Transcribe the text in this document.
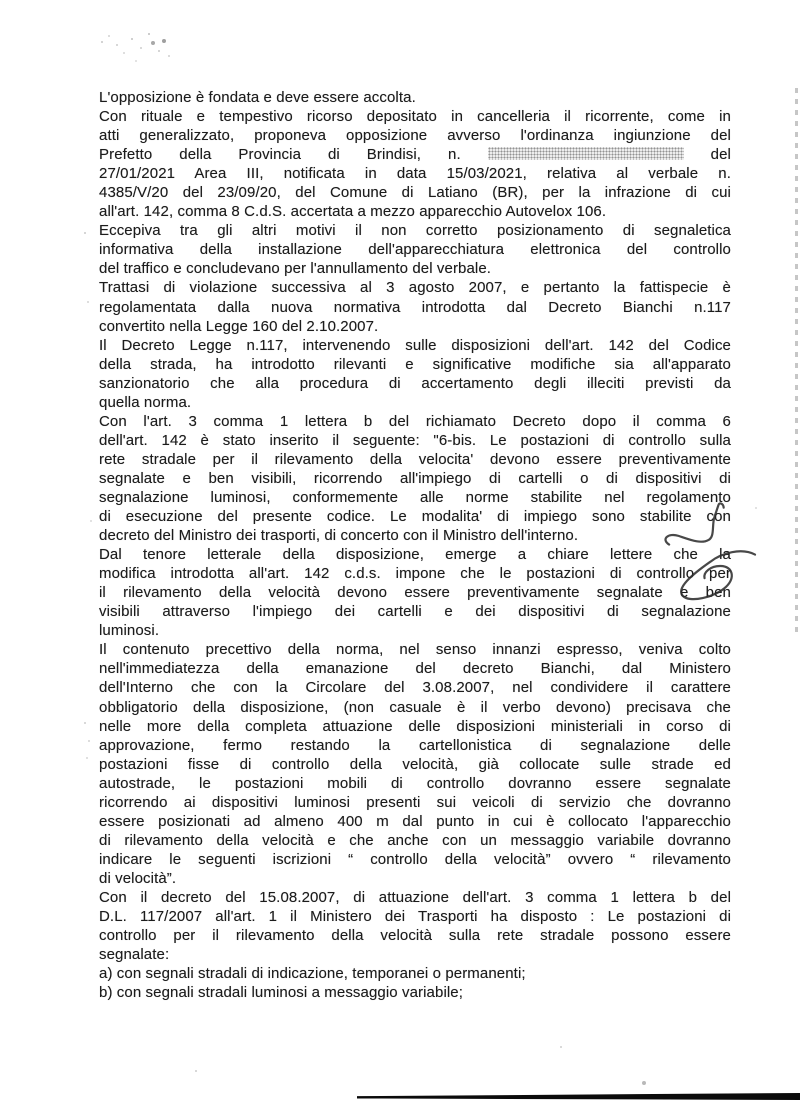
L'opposizione è fondata e deve essere accolta.
Con rituale e tempestivo ricorso depositato in cancelleria il ricorrente, come in
atti generalizzato, proponeva opposizione avverso l'ordinanza ingiunzione del
Prefetto della Provincia di Brindisi, n.	del
27/01/2021 Area III, notificata in data 15/03/2021, relativa al verbale n.
4385/V/20 del 23/09/20, del Comune di Latiano (BR), per la infrazione di cui
all'art. 142, comma 8 C.d.S. accertata a mezzo apparecchio Autovelox 106.
Eccepiva tra gli altri motivi il non corretto posizionamento di segnaletica
informativa della installazione dell'apparecchiatura elettronica del controllo
del traffico e concludevano per l'annullamento del verbale.
Trattasi di violazione successiva al 3 agosto 2007, e pertanto la fattispecie è
regolamentata dalla nuova normativa introdotta dal Decreto Bianchi n.117
convertito nella Legge 160 del 2.10.2007.
Il Decreto Legge n.117, intervenendo sulle disposizioni dell'art. 142 del Codice
della strada, ha introdotto rilevanti e significative modifiche sia all'apparato
sanzionatorio che alla procedura di accertamento degli illeciti previsti da
quella norma.
Con l'art. 3 comma 1 lettera b del richiamato Decreto dopo il comma 6
dell'art. 142 è stato inserito il seguente: "6-bis. Le postazioni di controllo sulla
rete stradale per il rilevamento della velocita' devono essere preventivamente
segnalate e ben visibili, ricorrendo all'impiego di cartelli o di dispositivi di
segnalazione luminosi, conformemente alle norme stabilite nel regolamento
di esecuzione del presente codice. Le modalita' di impiego sono stabilite con
decreto del Ministro dei trasporti, di concerto con il Ministro dell'interno.
Dal tenore letterale della disposizione, emerge a chiare lettere che la
modifica introdotta all'art. 142 c.d.s. impone che le postazioni di controllo per
il rilevamento della velocità devono essere preventivamente segnalate e ben
visibili attraverso l'impiego dei cartelli e dei dispositivi di segnalazione
luminosi.
Il contenuto precettivo della norma, nel senso innanzi espresso, veniva colto
nell'immediatezza della emanazione del decreto Bianchi, dal Ministero
dell'Interno che con la Circolare del 3.08.2007, nel condividere il carattere
obbligatorio della disposizione, (non casuale è il verbo devono) precisava che
nelle more della completa attuazione delle disposizioni ministeriali in corso di
approvazione, fermo restando la cartellonistica di segnalazione delle
postazioni fisse di controllo della velocità, già collocate sulle strade ed
autostrade, le postazioni mobili di controllo dovranno essere segnalate
ricorrendo ai dispositivi luminosi presenti sui veicoli di servizio che dovranno
essere posizionati ad almeno 400 m dal punto in cui è collocato l'apparecchio
di rilevamento della velocità e che anche con un messaggio variabile dovranno
indicare le seguenti iscrizioni “ controllo della velocità” ovvero “ rilevamento
di velocità”.
Con il decreto del 15.08.2007, di attuazione dell'art. 3 comma 1 lettera b del
D.L. 117/2007 all'art. 1 il Ministero dei Trasporti ha disposto : Le postazioni di
controllo per il rilevamento della velocità sulla rete stradale possono essere
segnalate:
a) con segnali stradali di indicazione, temporanei o permanenti;
b) con segnali stradali luminosi a messaggio variabile;
